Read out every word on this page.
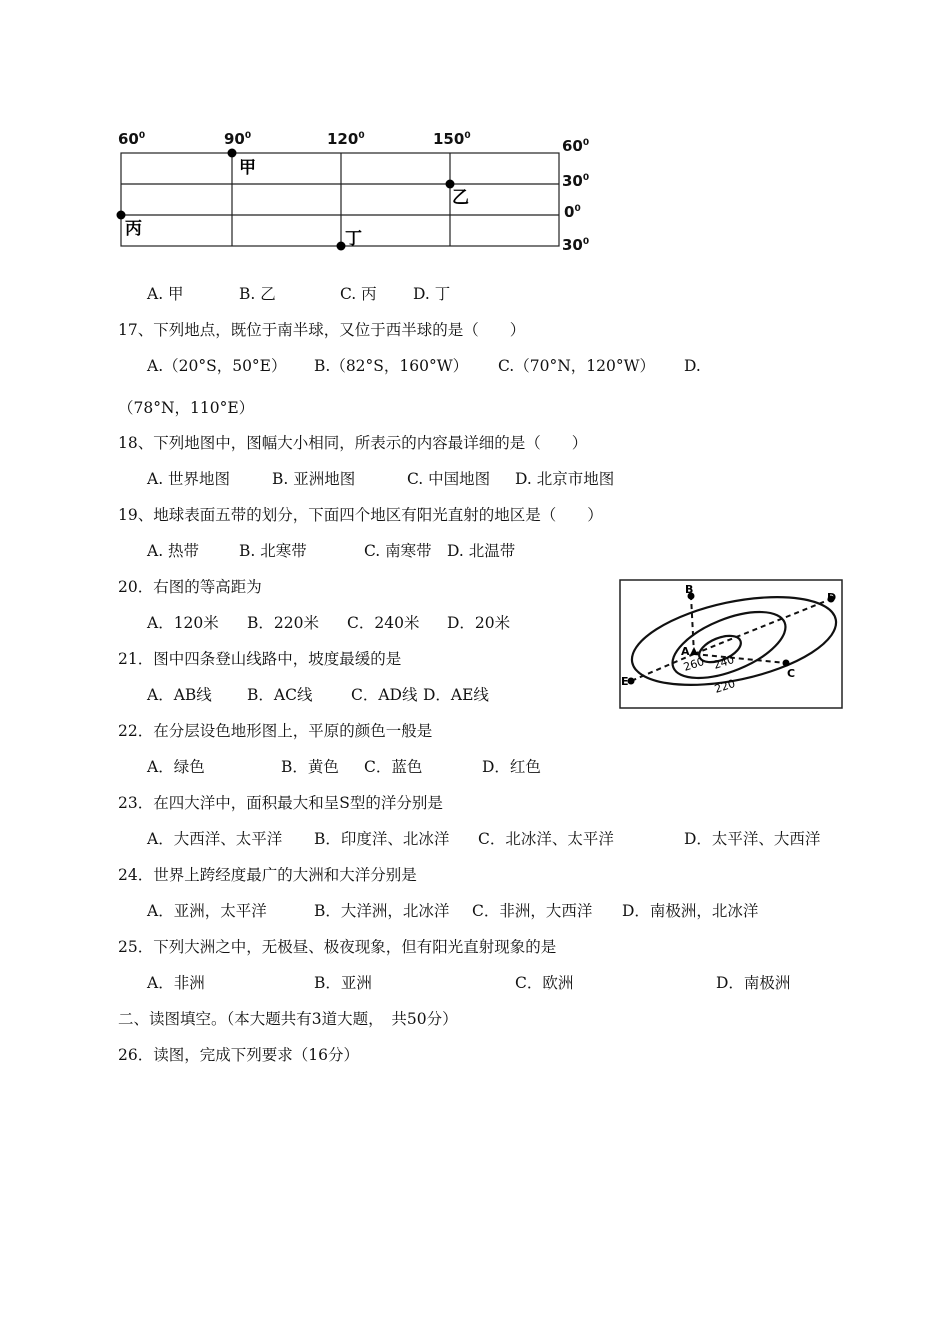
$60^0$	$90^0$	$120^0$	$150^0$
$60^0$
$30^0$
$0^0$
$30^0$
甲
乙
丙	丁
A. 甲	B. 乙	C. 丙 D. 丁
17、下列地点，既位于南半球，又位于西半球的是（　　）
A.（20°S，50°E） B.（82°S，160°W） C.（70°N，120°W） D.
（78°N，110°E）
18、下列地图中，图幅大小相同，所表示的内容最详细的是（　　）
A. 世界地图	B. 亚洲地图	C. 中国地图 D. 北京市地图
19、地球表面五带的划分，下面四个地区有阳光直射的地区是（　　）
A. 热带	B. 北寒带	C. 南寒带 D. 北温带
20．右图的等高距为
A．120米 B．220米 C．240米 D．20米
A
B
C
D
E
260 240
220
21．图中四条登山线路中，坡度最缓的是
A．AB线 B．AC线 C．AD线 D．AE线
22．在分层设色地形图上，平原的颜色一般是
A．绿色	B．黄色 C．蓝色	D．红色
23．在四大洋中，面积最大和呈S型的洋分别是
A．大西洋、太平洋 B．印度洋、北冰洋 C．北冰洋、太平洋	D．太平洋、大西洋
24．世界上跨经度最广的大洲和大洋分别是
A．亚洲，太平洋	B．大洋洲，北冰洋 C．非洲，大西洋 D．南极洲，北冰洋
25．下列大洲之中，无极昼、极夜现象，但有阳光直射现象的是
A．非洲	B．亚洲	C．欧洲	D．南极洲
二、读图填空。（本大题共有3道大题，　共50分）
26．读图，完成下列要求（16分）
